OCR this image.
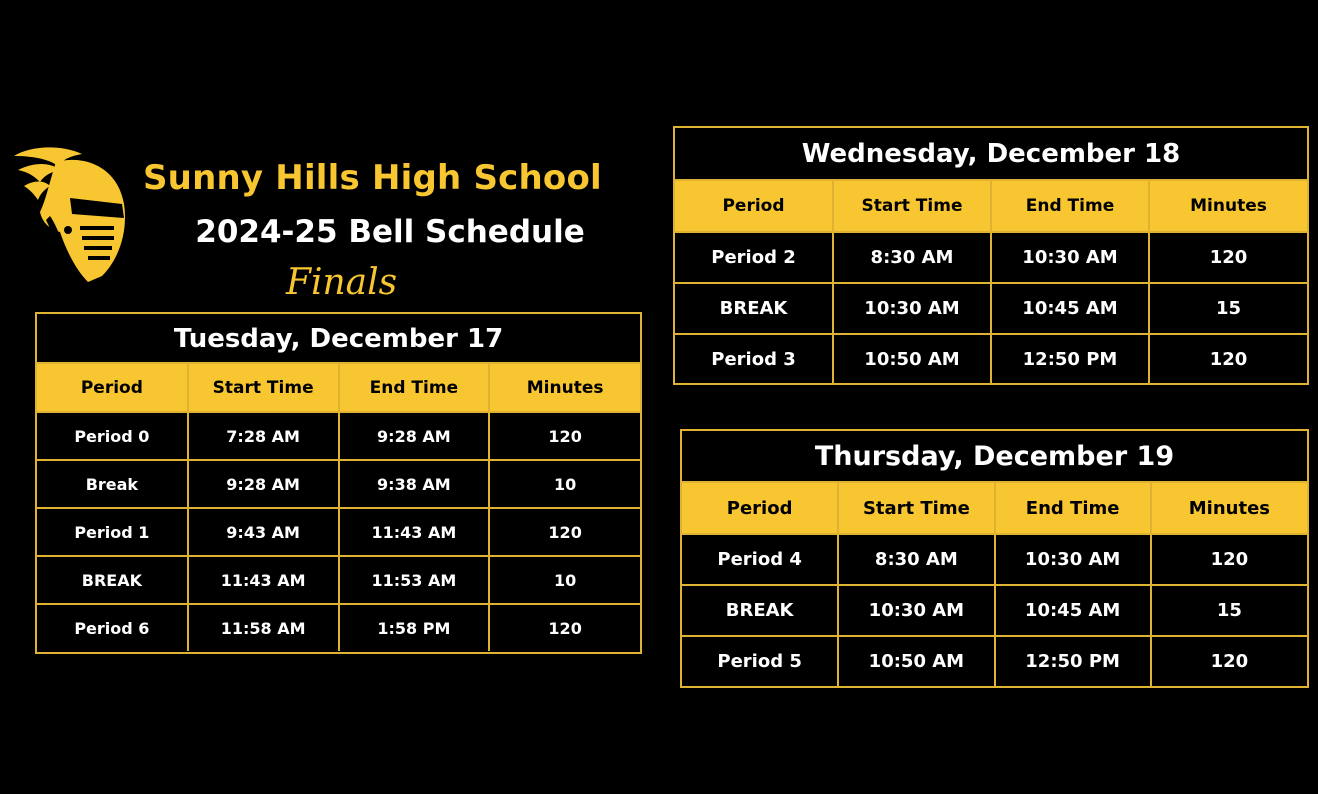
Sunny Hills High School
2024-25 Bell Schedule
Finals
Tuesday, December 17
Period	Start Time	End Time	Minutes
Period 0	7:28 AM	9:28 AM	120
Break	9:28 AM	9:38 AM	10
Period 1	9:43 AM	11:43 AM	120
BREAK	11:43 AM	11:53 AM	10
Period 6	11:58 AM	1:58 PM	120
Wednesday, December 18
Period	Start Time	End Time	Minutes
Period 2	8:30 AM	10:30 AM	120
BREAK	10:30 AM	10:45 AM	15
Period 3	10:50 AM	12:50 PM	120
Thursday, December 19
Period	Start Time	End Time	Minutes
Period 4	8:30 AM	10:30 AM	120
BREAK	10:30 AM	10:45 AM	15
Period 5	10:50 AM	12:50 PM	120
